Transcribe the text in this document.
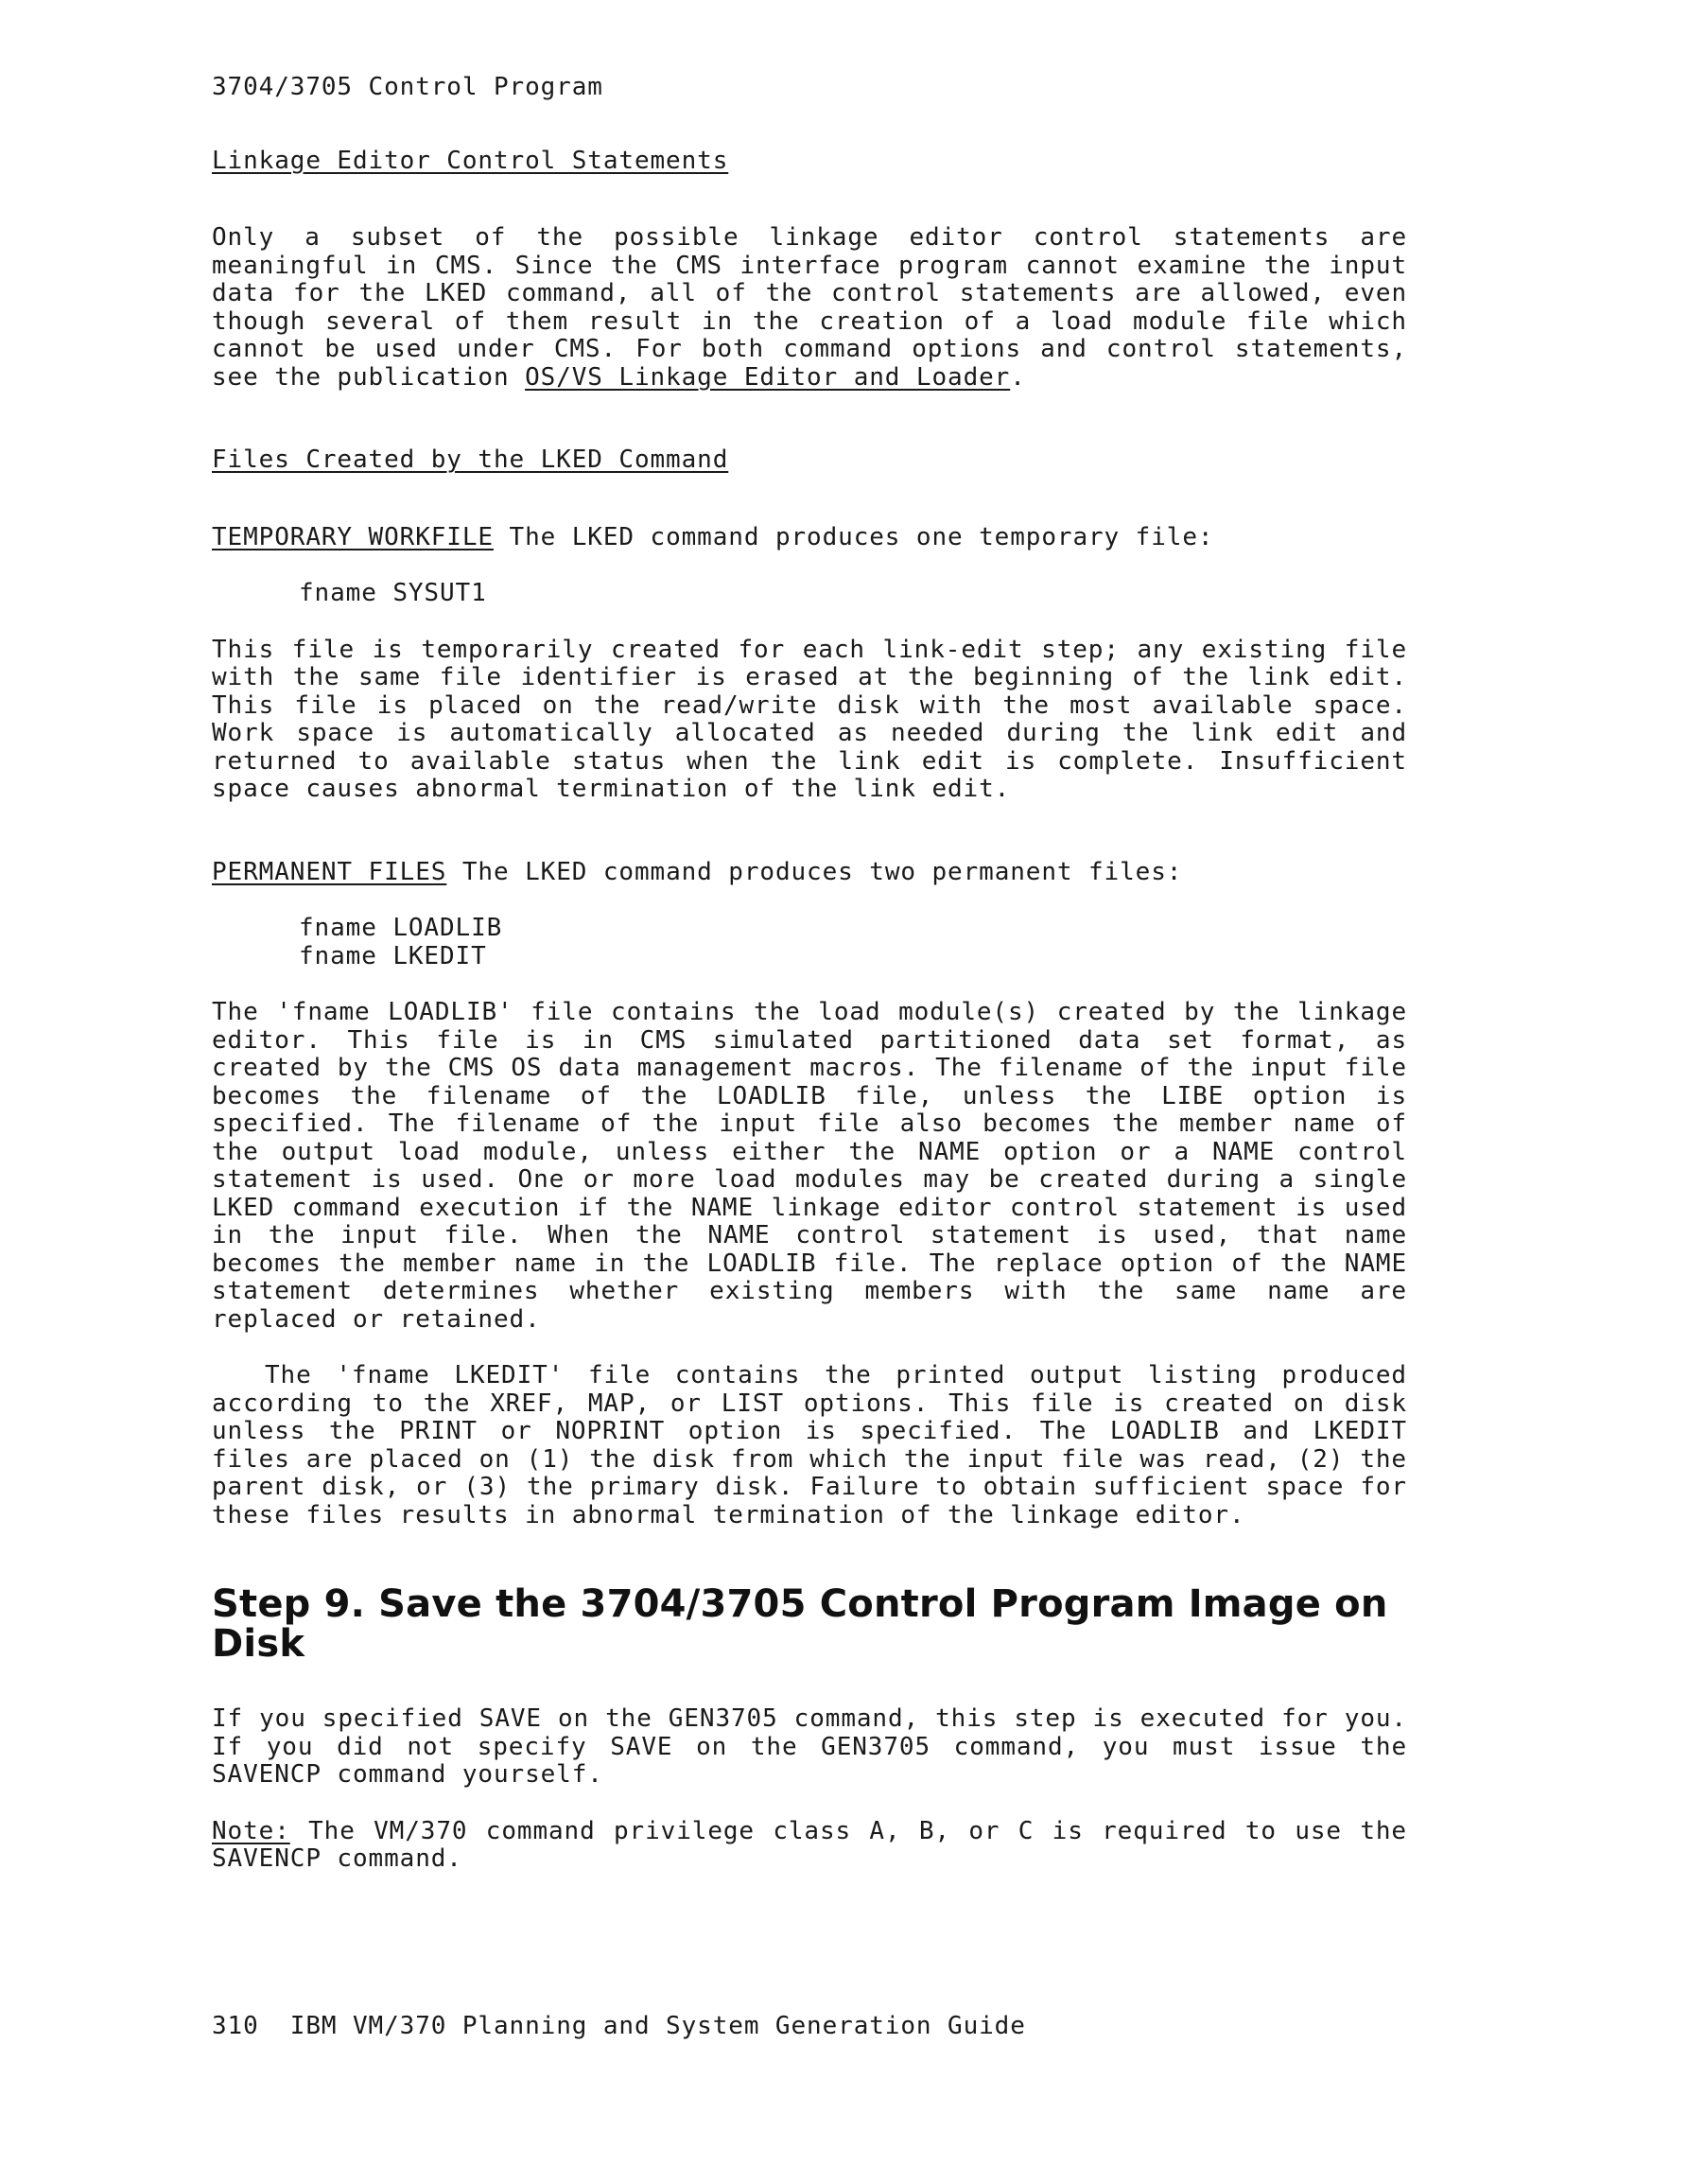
3704/3705 Control Program
Linkage Editor Control Statements
Only a subset of the possible linkage editor control statements are meaningful in CMS. Since the CMS interface program cannot examine the input data for the LKED command, all of the control statements are allowed, even though several of them result in the creation of a load module file which cannot be used under CMS. For both command options and control statements, see the publication OS/VS Linkage Editor and Loader.
Files Created by the LKED Command
TEMPORARY WORKFILE The LKED command produces one temporary file:
fname SYSUT1
This file is temporarily created for each link-edit step; any existing file with the same file identifier is erased at the beginning of the link edit. This file is placed on the read/write disk with the most available space. Work space is automatically allocated as needed during the link edit and returned to available status when the link edit is complete. Insufficient space causes abnormal termination of the link edit.
PERMANENT FILES The LKED command produces two permanent files:
fname LOADLIB
fname LKEDIT
The 'fname LOADLIB' file contains the load module(s) created by the linkage editor. This file is in CMS simulated partitioned data set format, as created by the CMS OS data management macros. The filename of the input file becomes the filename of the LOADLIB file, unless the LIBE option is specified. The filename of the input file also becomes the member name of the output load module, unless either the NAME option or a NAME control statement is used. One or more load modules may be created during a single LKED command execution if the NAME linkage editor control statement is used in the input file. When the NAME control statement is used, that name becomes the member name in the LOADLIB file. The replace option of the NAME statement determines whether existing members with the same name are replaced or retained.
The 'fname LKEDIT' file contains the printed output listing produced according to the XREF, MAP, or LIST options. This file is created on disk unless the PRINT or NOPRINT option is specified. The LOADLIB and LKEDIT files are placed on (1) the disk from which the input file was read, (2) the parent disk, or (3) the primary disk. Failure to obtain sufficient space for these files results in abnormal termination of the linkage editor.
Step 9. Save the 3704/3705 Control Program Image on Disk
If you specified SAVE on the GEN3705 command, this step is executed for you. If you did not specify SAVE on the GEN3705 command, you must issue the SAVENCP command yourself.
Note: The VM/370 command privilege class A, B, or C is required to use the SAVENCP command.
310 IBM VM/370 Planning and System Generation Guide
